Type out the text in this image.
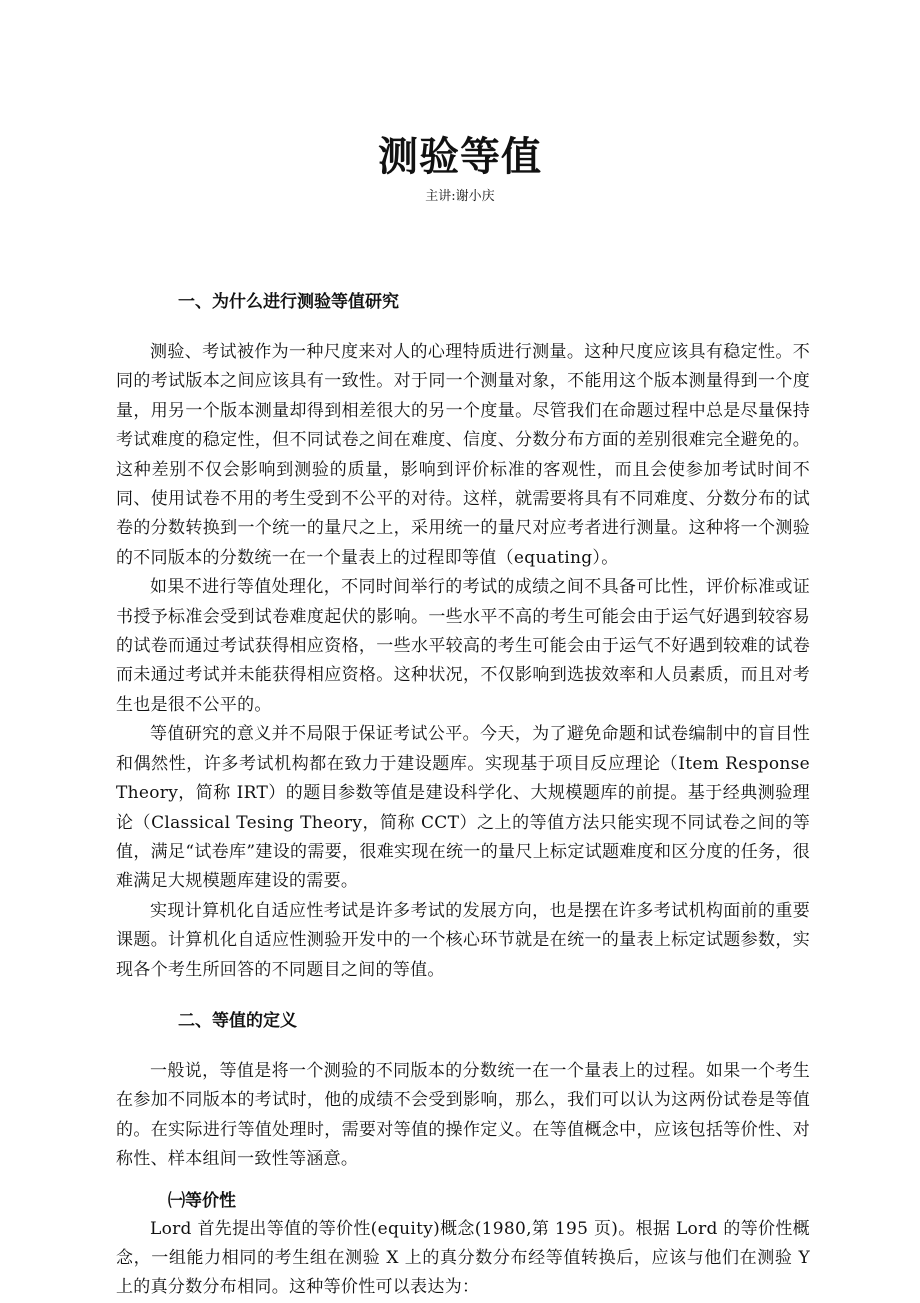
测验等值
主讲:谢小庆
一、为什么进行测验等值研究

测验、考试被作为一种尺度来对人的心理特质进行测量。这种尺度应该具有稳定性。不同的考试版本之间应该具有一致性。对于同一个测量对象，不能用这个版本测量得到一个度量，用另一个版本测量却得到相差很大的另一个度量。尽管我们在命题过程中总是尽量保持考试难度的稳定性，但不同试卷之间在难度、信度、分数分布方面的差别很难完全避免的。这种差别不仅会影响到测验的质量，影响到评价标准的客观性，而且会使参加考试时间不同、使用试卷不用的考生受到不公平的对待。这样，就需要将具有不同难度、分数分布的试卷的分数转换到一个统一的量尺之上，采用统一的量尺对应考者进行测量。这种将一个测验的不同版本的分数统一在一个量表上的过程即等值（equating）。

如果不进行等值处理化，不同时间举行的考试的成绩之间不具备可比性，评价标准或证书授予标准会受到试卷难度起伏的影响。一些水平不高的考生可能会由于运气好遇到较容易的试卷而通过考试获得相应资格，一些水平较高的考生可能会由于运气不好遇到较难的试卷而未通过考试并未能获得相应资格。这种状况，不仅影响到选拔效率和人员素质，而且对考生也是很不公平的。

等值研究的意义并不局限于保证考试公平。今天，为了避免命题和试卷编制中的盲目性和偶然性，许多考试机构都在致力于建设题库。实现基于项目反应理论（Item Response Theory，简称 IRT）的题目参数等值是建设科学化、大规模题库的前提。基于经典测验理论（Classical Tesing Theory，简称 CCT）之上的等值方法只能实现不同试卷之间的等值，满足“试卷库”建设的需要，很难实现在统一的量尺上标定试题难度和区分度的任务，很难满足大规模题库建设的需要。

实现计算机化自适应性考试是许多考试的发展方向，也是摆在许多考试机构面前的重要课题。计算机化自适应性测验开发中的一个核心环节就是在统一的量表上标定试题参数，实现各个考生所回答的不同题目之间的等值。

二、等值的定义

一般说，等值是将一个测验的不同版本的分数统一在一个量表上的过程。如果一个考生在参加不同版本的考试时，他的成绩不会受到影响，那么，我们可以认为这两份试卷是等值的。在实际进行等值处理时，需要对等值的操作定义。在等值概念中，应该包括等价性、对称性、样本组间一致性等涵意。

㈠等价性

Lord 首先提出等值的等价性(equity)概念(1980,第 195 页)。根据 Lord 的等价性概念，一组能力相同的考生组在测验 X 上的真分数分布经等值转换后，应该与他们在测验 Y 上的真分数分布相同。这种等价性可以表达为：
